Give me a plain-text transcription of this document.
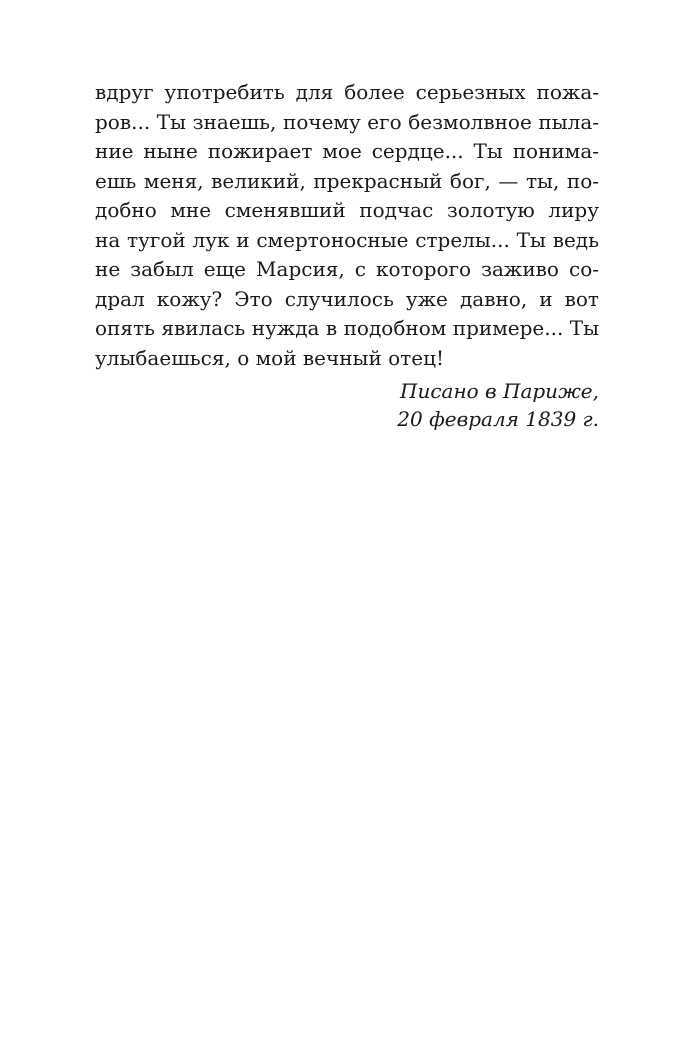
вдруг употребить для более серьезных пожа-
ров... Ты знаешь, почему его безмолвное пыла-
ние ныне пожирает мое сердце... Ты понима-
ешь меня, великий, прекрасный бог, — ты, по-
добно мне сменявший подчас золотую лиру
на тугой лук и смертоносные стрелы... Ты ведь
не забыл еще Марсия, с которого заживо со-
драл кожу? Это случилось уже давно, и вот
опять явилась нужда в подобном примере... Ты
улыбаешься, о мой вечный отец!
Писано в Париже,
20 февраля 1839 г.
